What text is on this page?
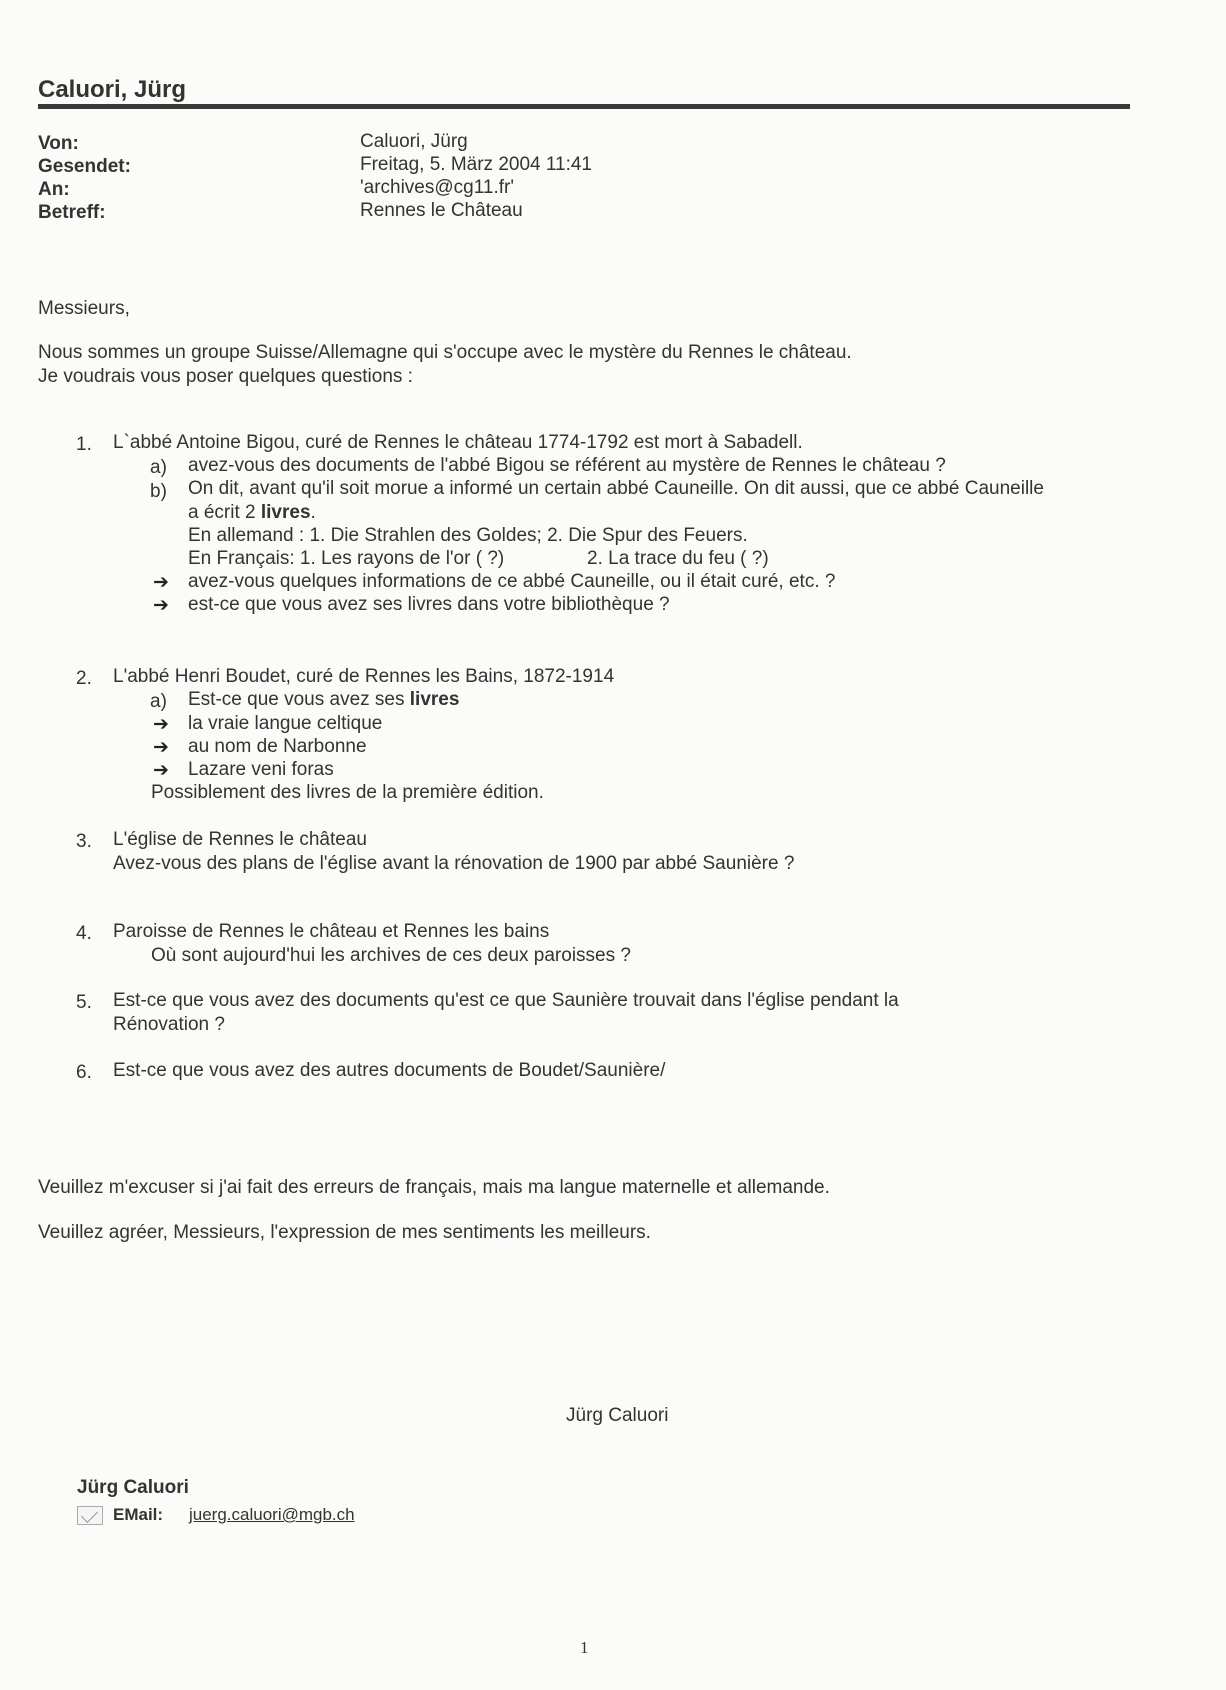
Caluori, Jürg
Von:	Caluori, Jürg
Gesendet:	Freitag, 5. März 2004 11:41
An:	'archives@cg11.fr'
Betreff:	Rennes le Château
Messieurs,
Nous sommes un groupe Suisse/Allemagne qui s'occupe avec le mystère du Rennes le château.
Je voudrais vous poser quelques questions :
1. L`abbé Antoine Bigou, curé de Rennes le château 1774-1792 est mort à Sabadell.
a) avez-vous des documents de l'abbé Bigou se référent au mystère de Rennes le château ?
b) On dit, avant qu'il soit morue a informé un certain abbé Cauneille. On dit aussi, que ce abbé Cauneille
a écrit 2 livres.
En allemand : 1. Die Strahlen des Goldes; 2. Die Spur des Feuers.
En Français: 1. Les rayons de l'or ( ?)	2. La trace du feu ( ?)
➔ avez-vous quelques informations de ce abbé Cauneille, ou il était curé, etc. ?
➔ est-ce que vous avez ses livres dans votre bibliothèque ?
2. L'abbé Henri Boudet, curé de Rennes les Bains, 1872-1914
a) Est-ce que vous avez ses livres
➔ la vraie langue celtique
➔ au nom de Narbonne
➔ Lazare veni foras
Possiblement des livres de la première édition.
3. L'église de Rennes le château
Avez-vous des plans de l'église avant la rénovation de 1900 par abbé Saunière ?
4. Paroisse de Rennes le château et Rennes les bains
Où sont aujourd'hui les archives de ces deux paroisses ?
5. Est-ce que vous avez des documents qu'est ce que Saunière trouvait dans l'église pendant la
Rénovation ?
6. Est-ce que vous avez des autres documents de Boudet/Saunière/
Veuillez m'excuser si j'ai fait des erreurs de français, mais ma langue maternelle et allemande.
Veuillez agréer, Messieurs, l'expression de mes sentiments les meilleurs.
Jürg Caluori
Jürg Caluori
EMail: juerg.caluori@mgb.ch
1
